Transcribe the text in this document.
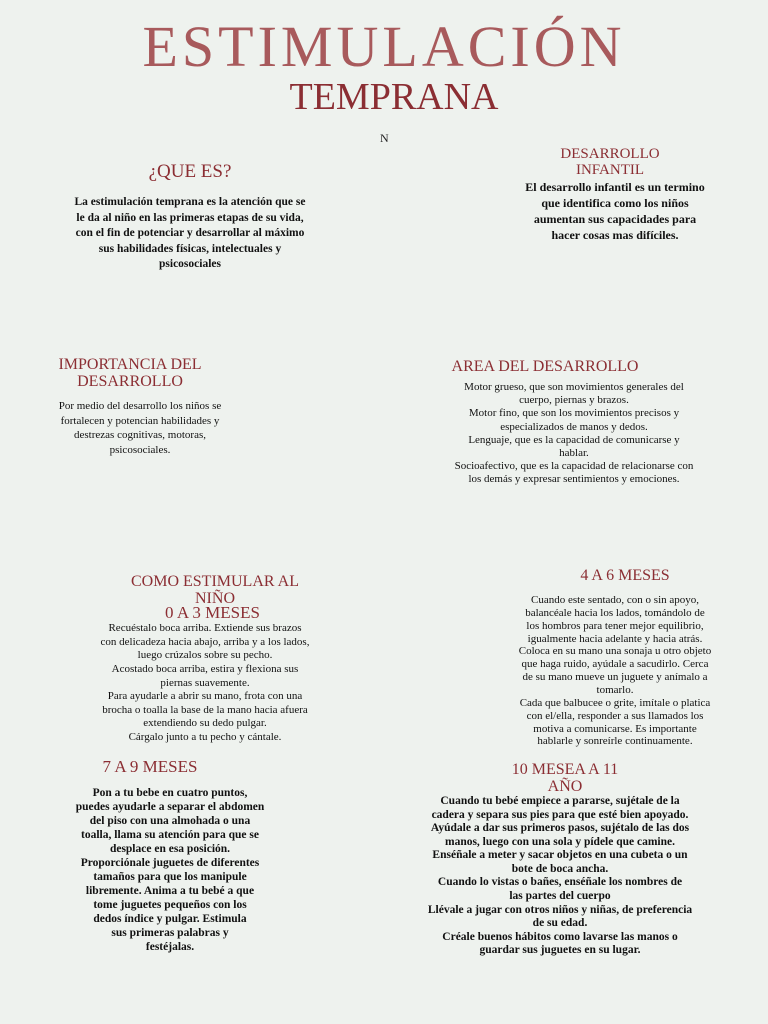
ESTIMULACIÓN
TEMPRANA
N
¿QUE ES?
La estimulación temprana es la atención que se
le da al niño en las primeras etapas de su vida,
con el fin de potenciar y desarrollar al máximo
sus habilidades físicas, intelectuales y
psicosociales
DESARROLLO
INFANTIL
El desarrollo infantil es un termino
que identifica como los niños
aumentan sus capacidades para
hacer cosas mas difíciles.
IMPORTANCIA DEL
DESARROLLO
Por medio del desarrollo los niños se
fortalecen y potencian habilidades y
destrezas cognitivas, motoras,
psicosociales.
AREA DEL DESARROLLO
Motor grueso, que son movimientos generales del
cuerpo, piernas y brazos.
Motor fino, que son los movimientos precisos y
especializados de manos y dedos.
Lenguaje, que es la capacidad de comunicarse y
hablar.
Socioafectivo, que es la capacidad de relacionarse con
los demás y expresar sentimientos y emociones.
COMO ESTIMULAR AL
NIÑO
0 A 3 MESES
Recuéstalo boca arriba. Extiende sus brazos
con delicadeza hacia abajo, arriba y a los lados,
luego crúzalos sobre su pecho.
Acostado boca arriba, estira y flexiona sus
piernas suavemente.
Para ayudarle a abrir su mano, frota con una
brocha o toalla la base de la mano hacia afuera
extendiendo su dedo pulgar.
Cárgalo junto a tu pecho y cántale.
4 A 6 MESES
Cuando este sentado, con o sin apoyo,
balancéale hacia los lados, tomándolo de
los hombros para tener mejor equilibrio,
igualmente hacia adelante y hacia atrás.
Coloca en su mano una sonaja u otro objeto
que haga ruido, ayúdale a sacudirlo. Cerca
de su mano mueve un juguete y anímalo a
tomarlo.
Cada que balbucee o grite, imítale o platica
con el/ella, responder a sus llamados los
motiva a comunicarse. Es importante
hablarle y sonreírle continuamente.
7 A 9 MESES
Pon a tu bebe en cuatro puntos,
puedes ayudarle a separar el abdomen
del piso con una almohada o una
toalla, llama su atención para que se
desplace en esa posición.
Proporciónale juguetes de diferentes
tamaños para que los manipule
libremente. Anima a tu bebé a que
tome juguetes pequeños con los
dedos índice y pulgar. Estimula
sus primeras palabras y
festéjalas.
10 MESEA A 11
AÑO
Cuando tu bebé empiece a pararse, sujétale de la
cadera y separa sus pies para que esté bien apoyado.
Ayúdale a dar sus primeros pasos, sujétalo de las dos
manos, luego con una sola y pídele que camine.
Enséñale a meter y sacar objetos en una cubeta o un
bote de boca ancha.
Cuando lo vistas o bañes, enséñale los nombres de
las partes del cuerpo
Llévale a jugar con otros niños y niñas, de preferencia
de su edad.
Créale buenos hábitos como lavarse las manos o
guardar sus juguetes en su lugar.
